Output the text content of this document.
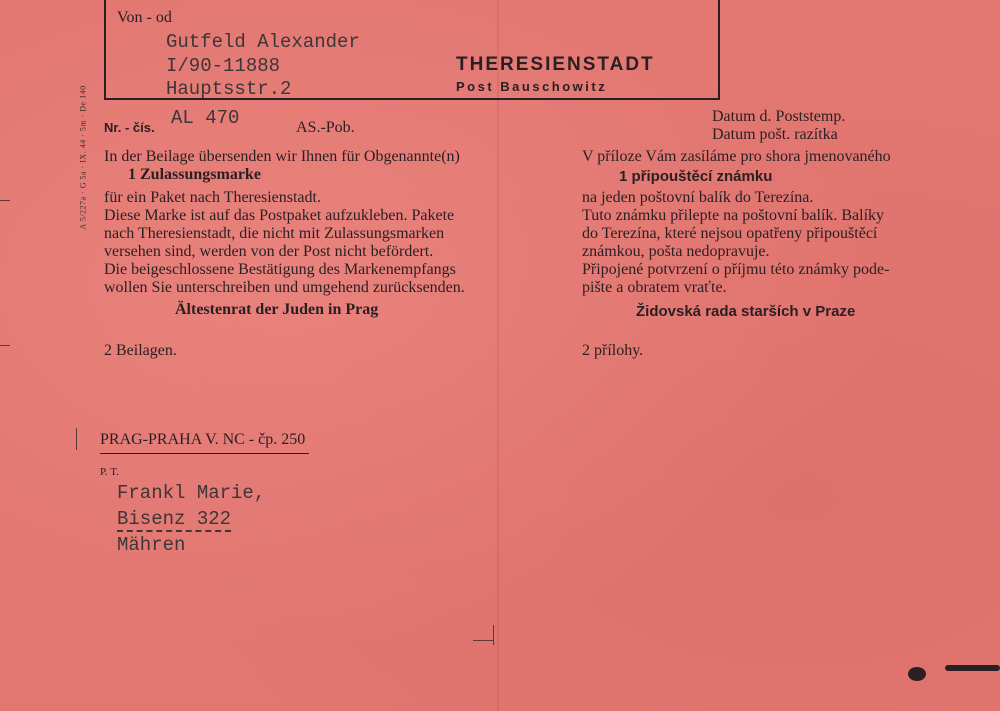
A 5/227a · G 5a · IX. 44 · 5m · De 140
Von - od
Gutfeld Alexander
I/90-11888
Hauptsstr.2
THERESIENSTADT
Post Bauschowitz
Nr. - čís. AL 470	AS.-Pob.
Datum d. Poststemp.
Datum pošt. razítka
In der Beilage übersenden wir Ihnen für Obgenannte(n)
1 Zulassungsmarke
für ein Paket nach Theresienstadt.
Diese Marke ist auf das Postpaket aufzukleben. Pakete
nach Theresienstadt, die nicht mit Zulassungsmarken
versehen sind, werden von der Post nicht befördert.
Die beigeschlossene Bestätigung des Markenempfangs
wollen Sie unterschreiben und umgehend zurücksenden.
Ältestenrat der Juden in Prag
2 Beilagen.
V příloze Vám zasíláme pro shora jmenovaného
1 připouštěcí známku
na jeden poštovní balík do Terezína.
Tuto známku přilepte na poštovní balík. Balíky
do Terezína, které nejsou opatřeny připouštěcí
známkou, pošta nedopravuje.
Připojené potvrzení o příjmu této známky pode-
pište a obratem vraťte.
Židovská rada starších v Praze
2 přílohy.
PRAG-PRAHA V. NC - čp. 250
P. T.
Frankl Marie,
Bisenz 322
Mähren
